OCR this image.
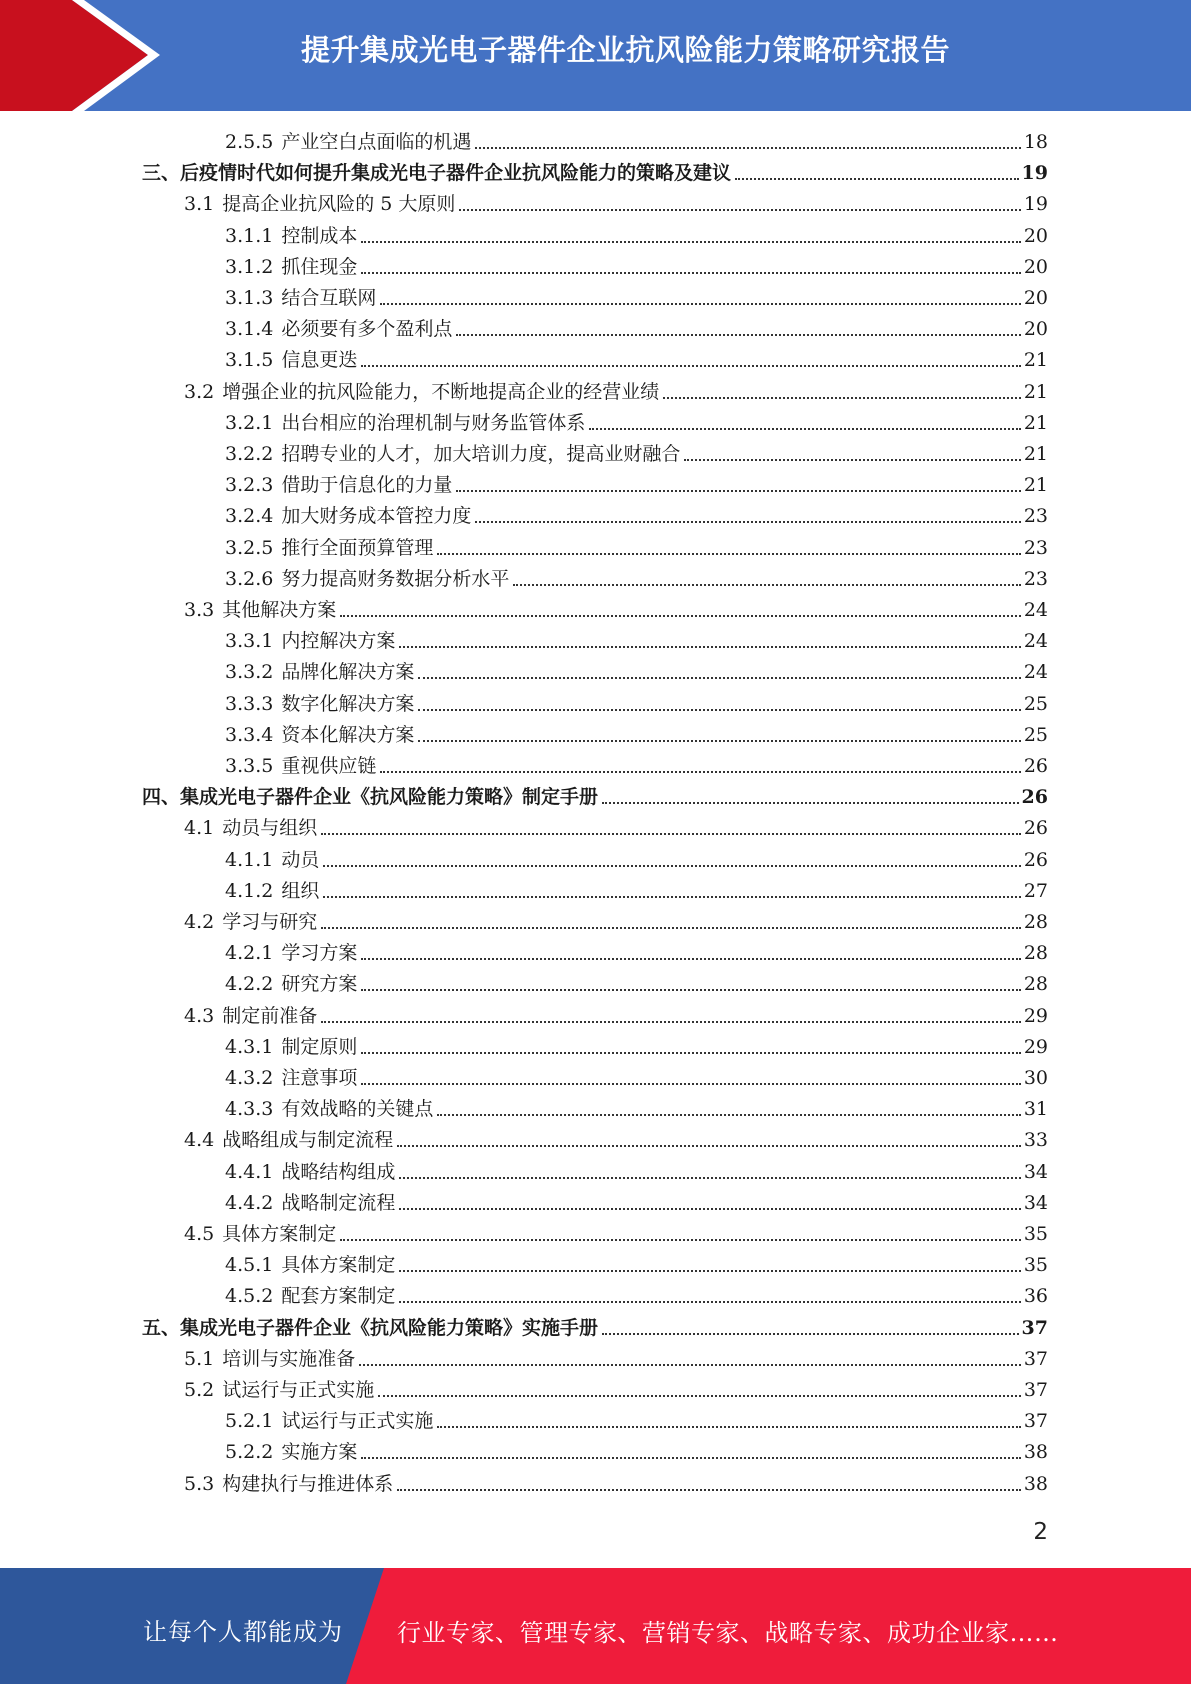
提升集成光电子器件企业抗风险能力策略研究报告
2.5.5 产业空白点面临的机遇	18
三、后疫情时代如何提升集成光电子器件企业抗风险能力的策略及建议	19
3.1 提高企业抗风险的 5 大原则	19
3.1.1 控制成本	20
3.1.2 抓住现金	20
3.1.3 结合互联网	20
3.1.4 必须要有多个盈利点	20
3.1.5 信息更迭	21
3.2 增强企业的抗风险能力，不断地提高企业的经营业绩	21
3.2.1 出台相应的治理机制与财务监管体系	21
3.2.2 招聘专业的人才，加大培训力度，提高业财融合	21
3.2.3 借助于信息化的力量	21
3.2.4 加大财务成本管控力度	23
3.2.5 推行全面预算管理	23
3.2.6 努力提高财务数据分析水平	23
3.3 其他解决方案	24
3.3.1 内控解决方案	24
3.3.2 品牌化解决方案	24
3.3.3 数字化解决方案	25
3.3.4 资本化解决方案	25
3.3.5 重视供应链	26
四、集成光电子器件企业《抗风险能力策略》制定手册	26
4.1 动员与组织	26
4.1.1 动员	26
4.1.2 组织	27
4.2 学习与研究	28
4.2.1 学习方案	28
4.2.2 研究方案	28
4.3 制定前准备	29
4.3.1 制定原则	29
4.3.2 注意事项	30
4.3.3 有效战略的关键点	31
4.4 战略组成与制定流程	33
4.4.1 战略结构组成	34
4.4.2 战略制定流程	34
4.5 具体方案制定	35
4.5.1 具体方案制定	35
4.5.2 配套方案制定	36
五、集成光电子器件企业《抗风险能力策略》实施手册	37
5.1 培训与实施准备	37
5.2 试运行与正式实施	37
5.2.1 试运行与正式实施	37
5.2.2 实施方案	38
5.3 构建执行与推进体系	38
2
让每个人都能成为 行业专家、管理专家、营销专家、战略专家、成功企业家……
